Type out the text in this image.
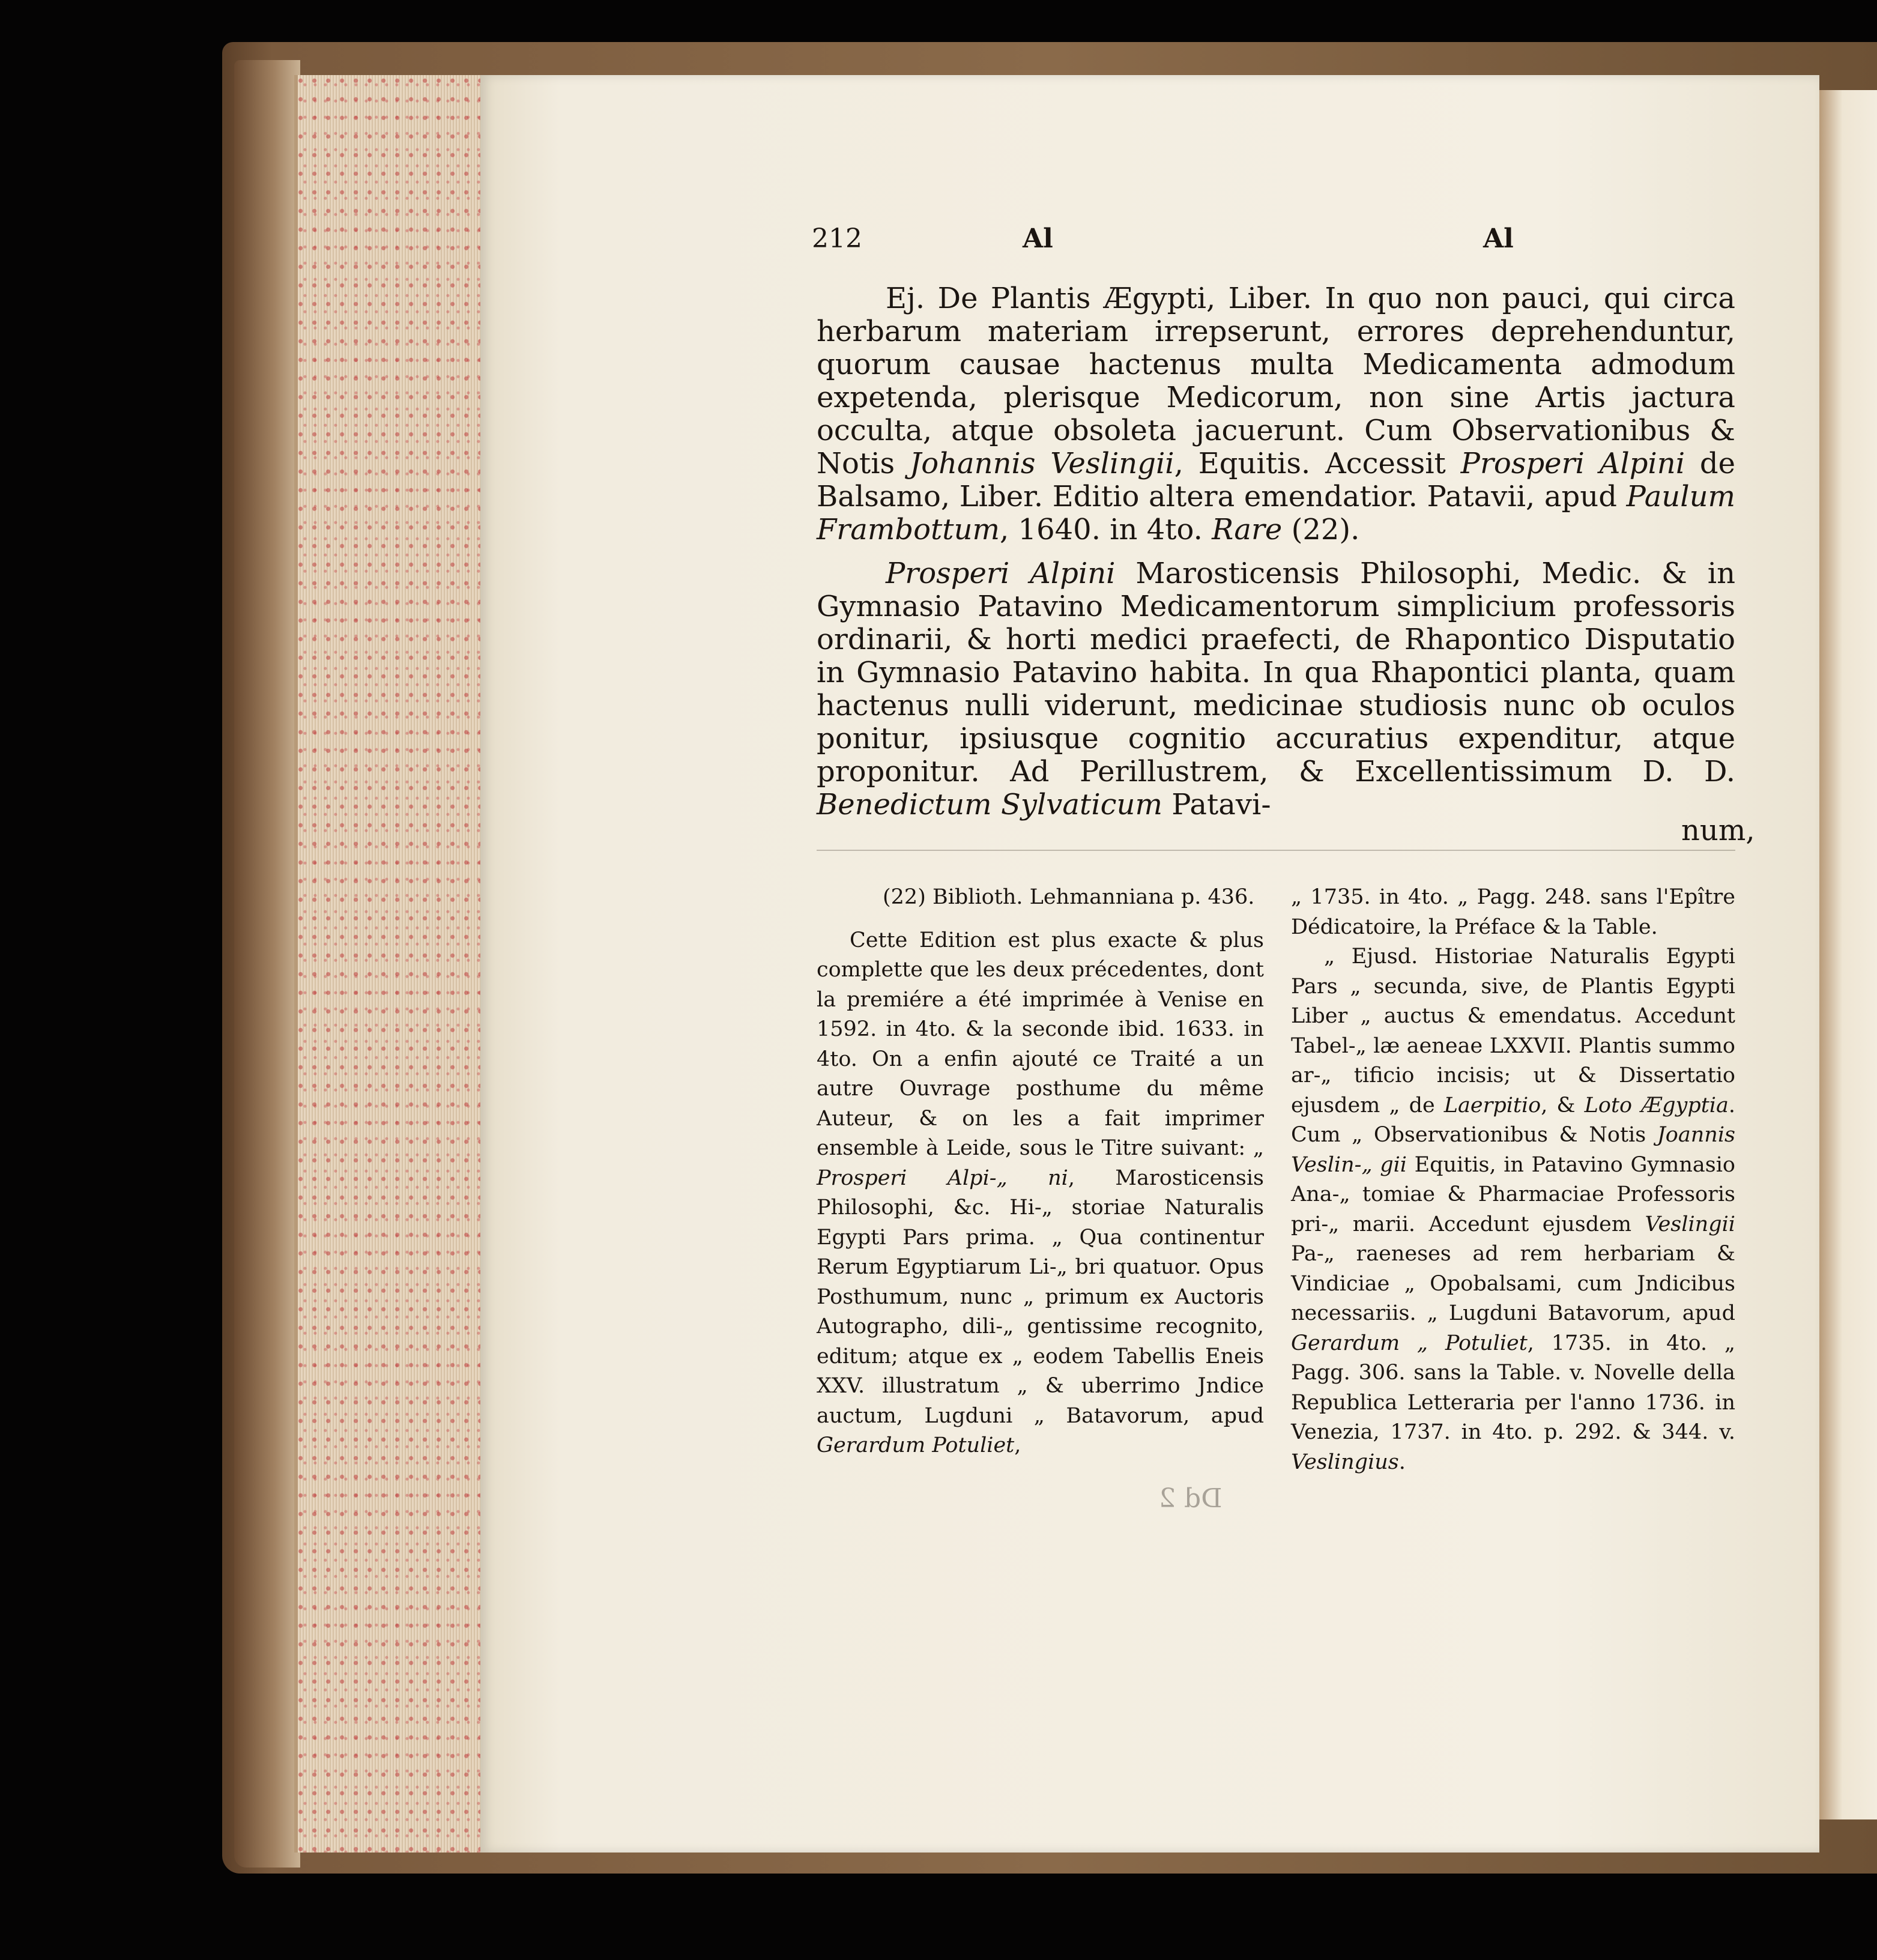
212	Al	Al

Ej. De Plantis Ægypti, Liber. In quo non pauci, qui circa herbarum materiam irrepserunt, errores deprehenduntur, quorum causae hactenus multa Medicamenta admodum expetenda, plerisque Medicorum, non sine Artis jactura occulta, atque obsoleta jacuerunt. Cum Observationibus & Notis Johannis Veslingii, Equitis. Accessit Prosperi Alpini de Balsamo, Liber. Editio altera emendatior. Patavii, apud Paulum Frambottum, 1640. in 4to. Rare (22).

Prosperi Alpini Marosticensis Philosophi, Medic. & in Gymnasio Patavino Medicamentorum simplicium professoris ordinarii, & horti medici praefecti, de Rhapontico Disputatio in Gymnasio Patavino habita. In qua Rhapontici planta, quam hactenus nulli viderunt, medicinae studiosis nunc ob oculos ponitur, ipsiusque cognitio accuratius expenditur, atque proponitur. Ad Perillustrem, & Excellentissimum D. D. Benedictum Sylvaticum Patavi-

num,

(22) Biblioth. Lehmanniana p. 436.

Cette Edition est plus exacte & plus complette que les deux précedentes, dont la premiére a été imprimée à Venise en 1592. in 4to. & la seconde ibid. 1633. in 4to. On a enfin ajouté ce Traité a un autre Ouvrage posthume du même Auteur, & on les a fait imprimer ensemble à Leide, sous le Titre suivant: „ Prosperi Alpi-„ ni, Marosticensis Philosophi, &c. Hi-„ storiae Naturalis Egypti Pars prima. „ Qua continentur Rerum Egyptiarum Li-„ bri quatuor. Opus Posthumum, nunc „ primum ex Auctoris Autographo, dili-„ gentissime recognito, editum; atque ex „ eodem Tabellis Eneis XXV. illustratum „ & uberrimo Jndice auctum, Lugduni „ Batavorum, apud Gerardum Potuliet,

„ 1735. in 4to. „ Pagg. 248. sans l'Epître Dédicatoire, la Préface & la Table.

„ Ejusd. Historiae Naturalis Egypti Pars „ secunda, sive, de Plantis Egypti Liber „ auctus & emendatus. Accedunt Tabel-„ læ aeneae LXXVII. Plantis summo ar-„ tificio incisis; ut & Dissertatio ejusdem „ de Laerpitio, & Loto Ægyptia. Cum „ Observationibus & Notis Joannis Veslin-„ gii Equitis, in Patavino Gymnasio Ana-„ tomiae & Pharmaciae Professoris pri-„ marii. Accedunt ejusdem Veslingii Pa-„ raeneses ad rem herbariam & Vindiciae „ Opobalsami, cum Jndicibus necessariis. „ Lugduni Batavorum, apud Gerardum „ Potuliet, 1735. in 4to. „ Pagg. 306. sans la Table. v. Novelle della Republica Letteraria per l'anno 1736. in Venezia, 1737. in 4to. p. 292. & 344. v. Veslingius.

Dd 2
